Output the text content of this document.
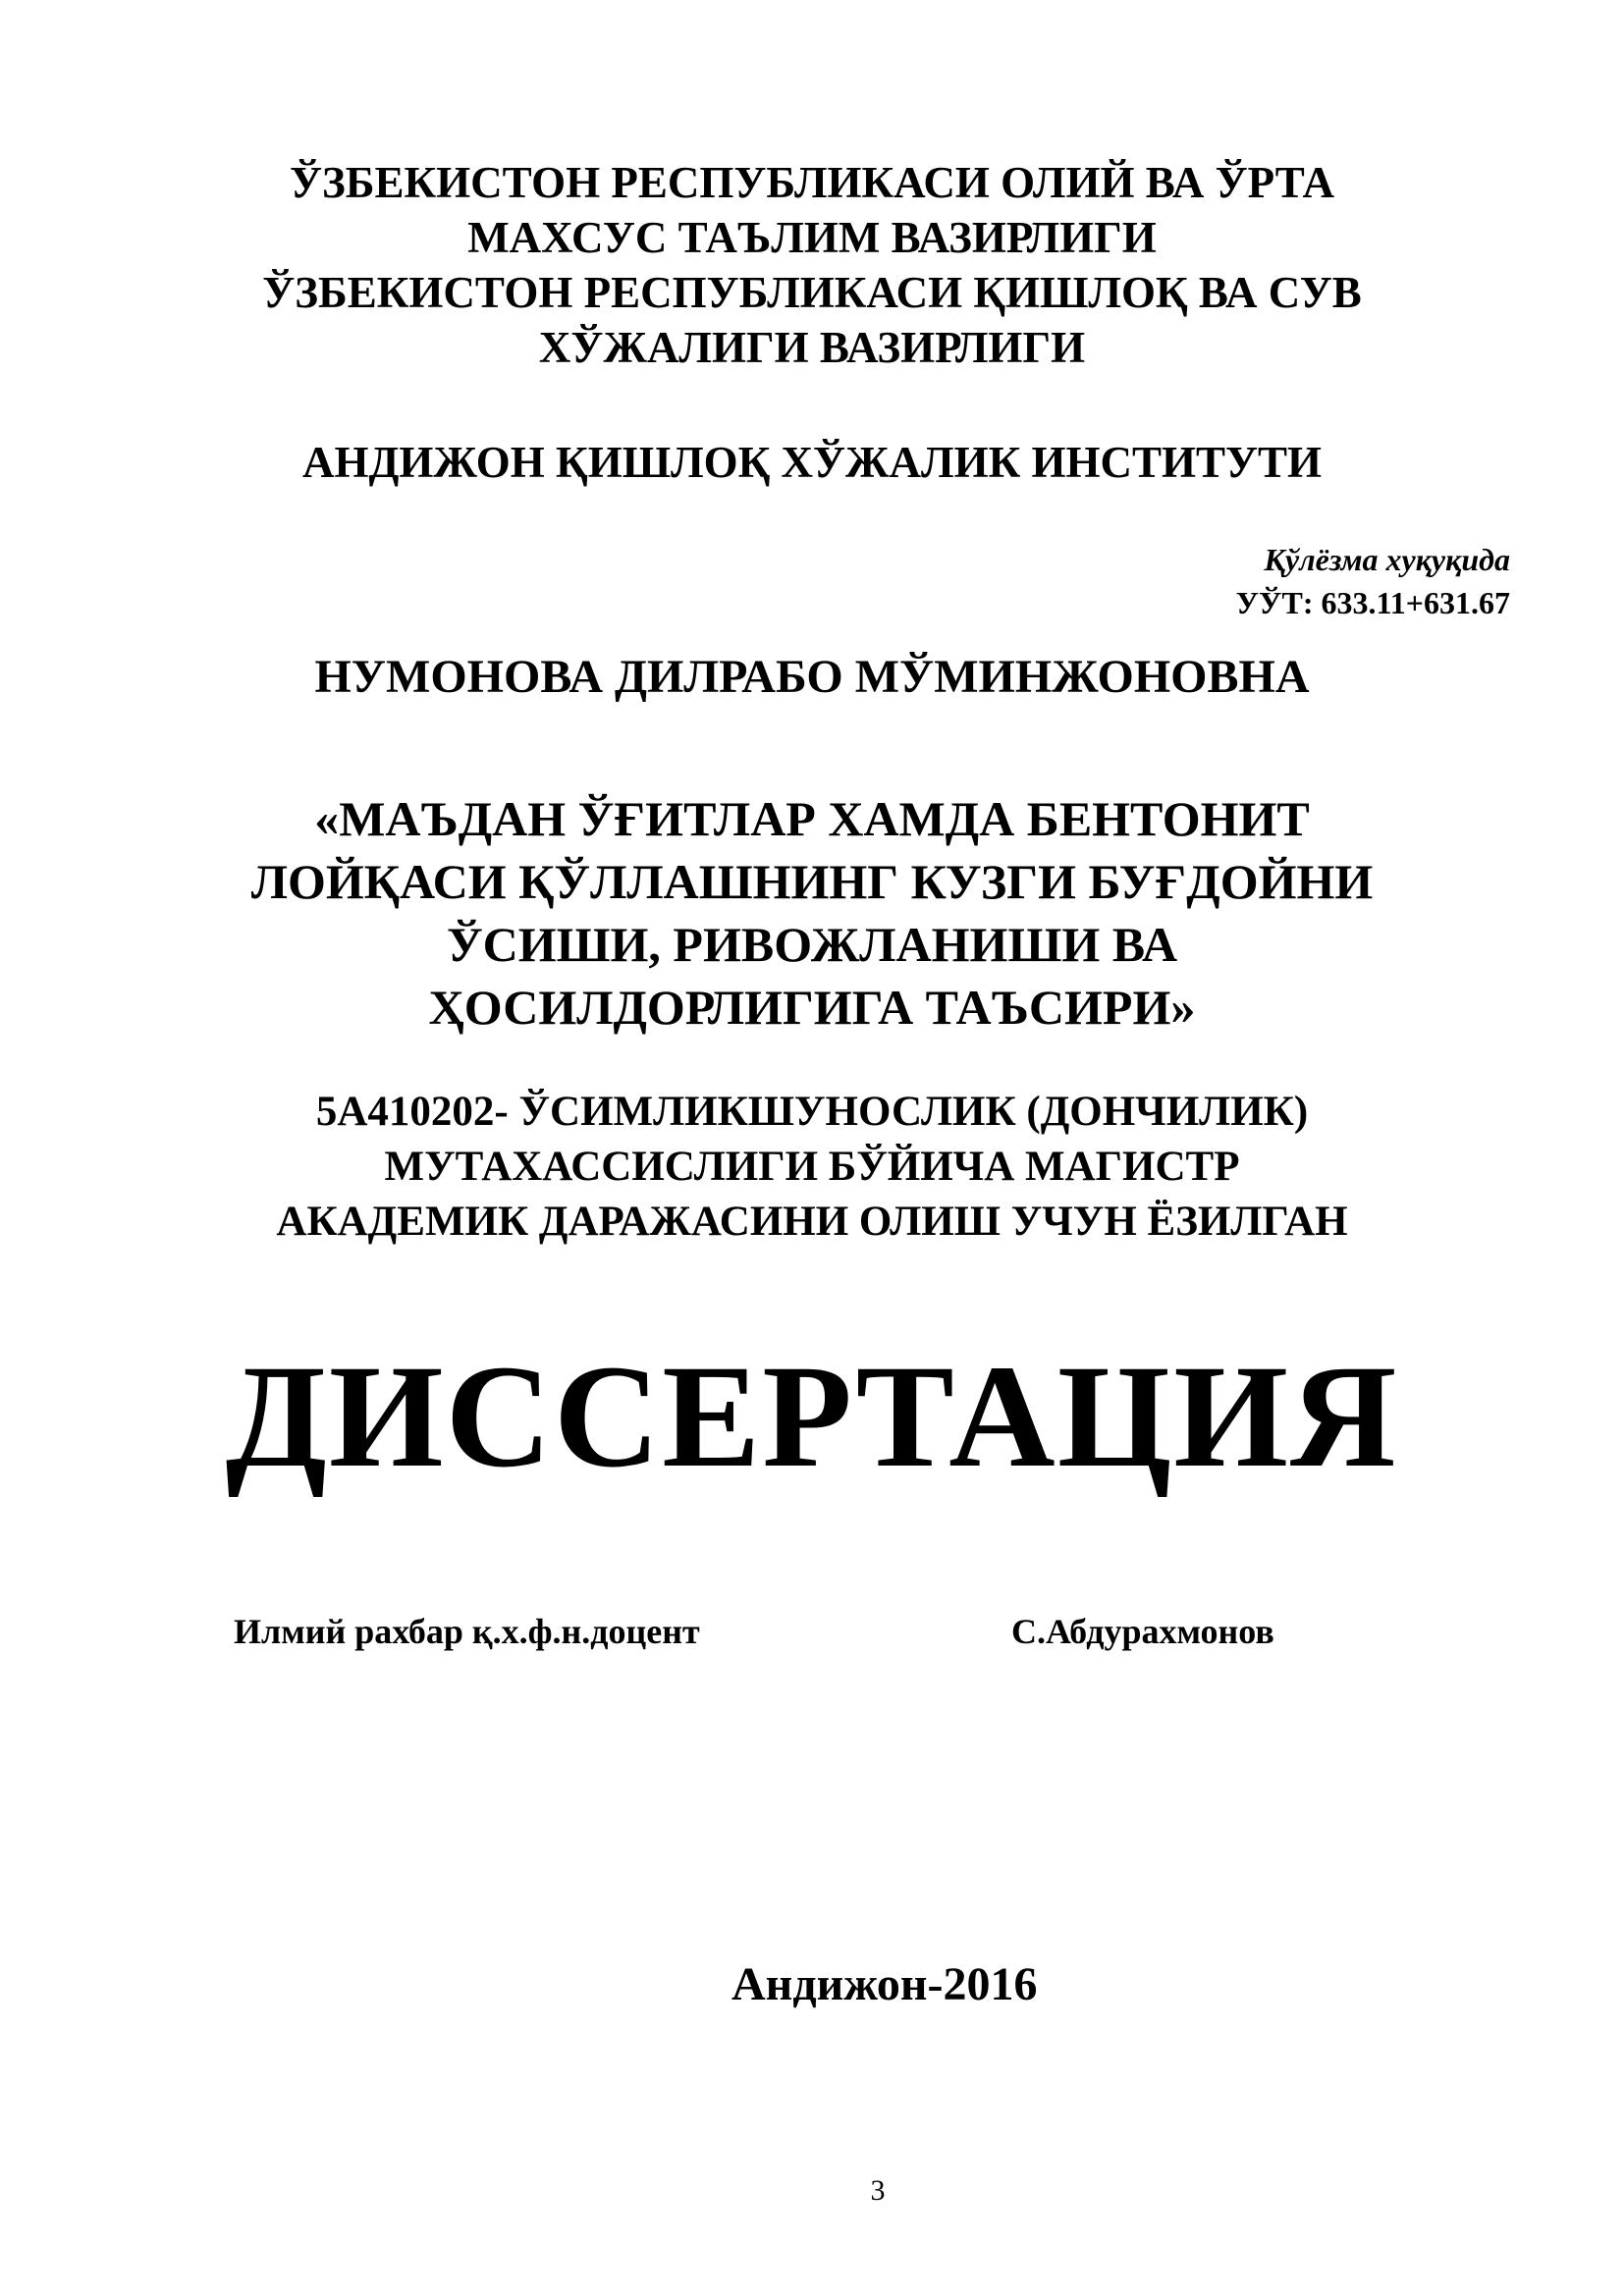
ЎЗБЕКИСТОН РЕСПУБЛИКАСИ ОЛИЙ ВА ЎРТА
МАХСУС ТАЪЛИМ ВАЗИРЛИГИ
ЎЗБЕКИСТОН РЕСПУБЛИКАСИ ҚИШЛОҚ ВА СУВ
ХЎЖАЛИГИ ВАЗИРЛИГИ
АНДИЖОН ҚИШЛОҚ ХЎЖАЛИК ИНСТИТУТИ
Қўлёзма хуқуқида
УЎТ: 633.11+631.67
НУМОНОВА ДИЛРАБО МЎМИНЖОНОВНА
«МАЪДАН ЎҒИТЛАР ХАМДА БЕНТОНИТ
ЛОЙҚАСИ ҚЎЛЛАШНИНГ КУЗГИ БУҒДОЙНИ
ЎСИШИ, РИВОЖЛАНИШИ ВА
ҲОСИЛДОРЛИГИГА ТАЪСИРИ»
5А410202- ЎСИМЛИКШУНОСЛИК (ДОНЧИЛИК)
МУТАХАССИСЛИГИ БЎЙИЧА МАГИСТР
АКАДЕМИК ДАРАЖАСИНИ ОЛИШ УЧУН ЁЗИЛГАН
ДИССЕРТАЦИЯ
Илмий рахбар қ.х.ф.н.доцент	С.Абдурахмонов
Андижон-2016
3
